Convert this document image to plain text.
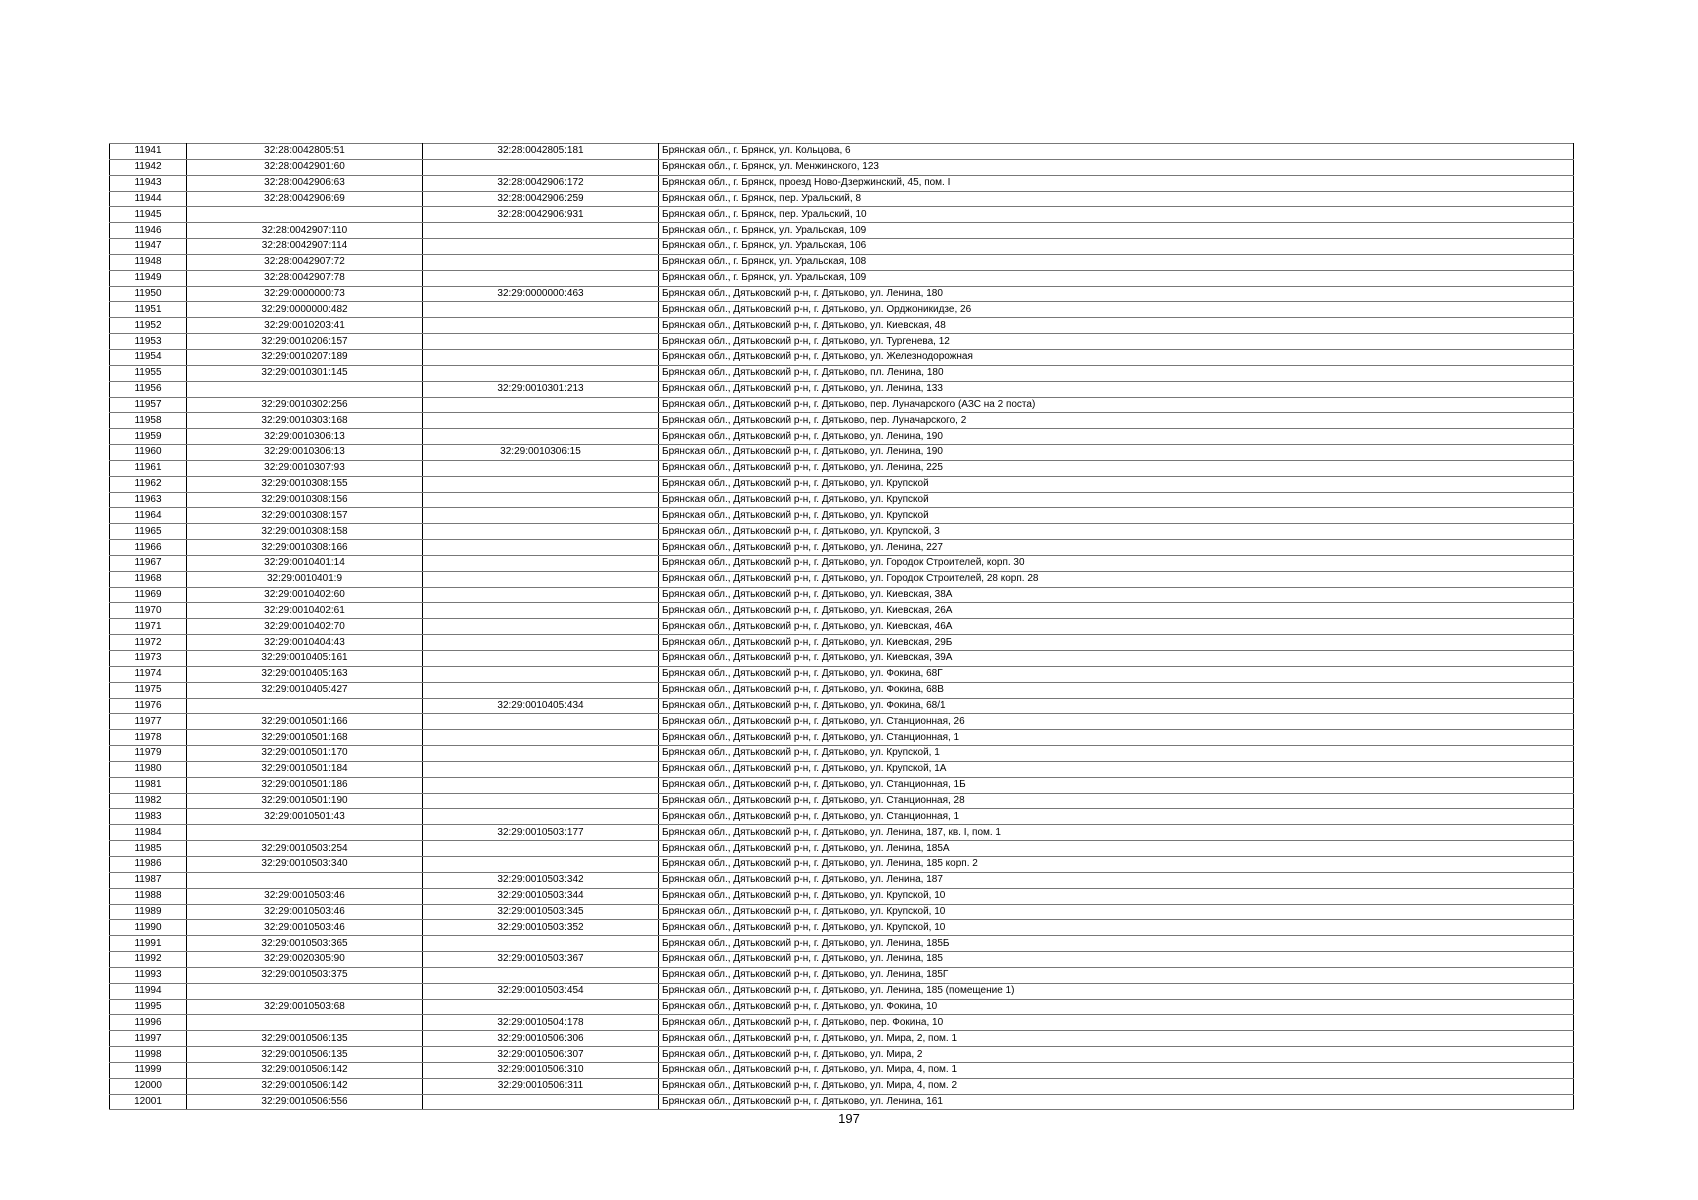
11941	32:28:0042805:51	32:28:0042805:181	Брянская обл., г. Брянск, ул. Кольцова, 6
11942	32:28:0042901:60		Брянская обл., г. Брянск, ул. Менжинского, 123
11943	32:28:0042906:63	32:28:0042906:172	Брянская обл., г. Брянск, проезд Ново-Дзержинский, 45, пом. I
11944	32:28:0042906:69	32:28:0042906:259	Брянская обл., г. Брянск, пер. Уральский, 8
11945		32:28:0042906:931	Брянская обл., г. Брянск, пер. Уральский, 10
11946	32:28:0042907:110		Брянская обл., г. Брянск, ул. Уральская, 109
11947	32:28:0042907:114		Брянская обл., г. Брянск, ул. Уральская, 106
11948	32:28:0042907:72		Брянская обл., г. Брянск, ул. Уральская, 108
11949	32:28:0042907:78		Брянская обл., г. Брянск, ул. Уральская, 109
11950	32:29:0000000:73	32:29:0000000:463	Брянская обл., Дятьковский р-н, г. Дятьково, ул. Ленина, 180
11951	32:29:0000000:482		Брянская обл., Дятьковский р-н, г. Дятьково, ул. Орджоникидзе, 26
11952	32:29:0010203:41		Брянская обл., Дятьковский р-н, г. Дятьково, ул. Киевская, 48
11953	32:29:0010206:157		Брянская обл., Дятьковский р-н, г. Дятьково, ул. Тургенева, 12
11954	32:29:0010207:189		Брянская обл., Дятьковский р-н, г. Дятьково, ул. Железнодорожная
11955	32:29:0010301:145		Брянская обл., Дятьковский р-н, г. Дятьково, пл. Ленина, 180
11956		32:29:0010301:213	Брянская обл., Дятьковский р-н, г. Дятьково, ул. Ленина, 133
11957	32:29:0010302:256		Брянская обл., Дятьковский р-н, г. Дятьково, пер. Луначарского (АЗС на 2 поста)
11958	32:29:0010303:168		Брянская обл., Дятьковский р-н, г. Дятьково, пер. Луначарского, 2
11959	32:29:0010306:13		Брянская обл., Дятьковский р-н, г. Дятьково, ул. Ленина, 190
11960	32:29:0010306:13	32:29:0010306:15	Брянская обл., Дятьковский р-н, г. Дятьково, ул. Ленина, 190
11961	32:29:0010307:93		Брянская обл., Дятьковский р-н, г. Дятьково, ул. Ленина, 225
11962	32:29:0010308:155		Брянская обл., Дятьковский р-н, г. Дятьково, ул. Крупской
11963	32:29:0010308:156		Брянская обл., Дятьковский р-н, г. Дятьково, ул. Крупской
11964	32:29:0010308:157		Брянская обл., Дятьковский р-н, г. Дятьково, ул. Крупской
11965	32:29:0010308:158		Брянская обл., Дятьковский р-н, г. Дятьково, ул. Крупской, 3
11966	32:29:0010308:166		Брянская обл., Дятьковский р-н, г. Дятьково, ул. Ленина, 227
11967	32:29:0010401:14		Брянская обл., Дятьковский р-н, г. Дятьково, ул. Городок Строителей, корп. 30
11968	32:29:0010401:9		Брянская обл., Дятьковский р-н, г. Дятьково, ул. Городок Строителей, 28 корп. 28
11969	32:29:0010402:60		Брянская обл., Дятьковский р-н, г. Дятьково, ул. Киевская, 38А
11970	32:29:0010402:61		Брянская обл., Дятьковский р-н, г. Дятьково, ул. Киевская, 26А
11971	32:29:0010402:70		Брянская обл., Дятьковский р-н, г. Дятьково, ул. Киевская, 46А
11972	32:29:0010404:43		Брянская обл., Дятьковский р-н, г. Дятьково, ул. Киевская, 29Б
11973	32:29:0010405:161		Брянская обл., Дятьковский р-н, г. Дятьково, ул. Киевская, 39А
11974	32:29:0010405:163		Брянская обл., Дятьковский р-н, г. Дятьково, ул. Фокина, 68Г
11975	32:29:0010405:427		Брянская обл., Дятьковский р-н, г. Дятьково, ул. Фокина, 68В
11976		32:29:0010405:434	Брянская обл., Дятьковский р-н, г. Дятьково, ул. Фокина, 68/1
11977	32:29:0010501:166		Брянская обл., Дятьковский р-н, г. Дятьково, ул. Станционная, 26
11978	32:29:0010501:168		Брянская обл., Дятьковский р-н, г. Дятьково, ул. Станционная, 1
11979	32:29:0010501:170		Брянская обл., Дятьковский р-н, г. Дятьково, ул. Крупской, 1
11980	32:29:0010501:184		Брянская обл., Дятьковский р-н, г. Дятьково, ул. Крупской, 1А
11981	32:29:0010501:186		Брянская обл., Дятьковский р-н, г. Дятьково, ул. Станционная, 1Б
11982	32:29:0010501:190		Брянская обл., Дятьковский р-н, г. Дятьково, ул. Станционная, 28
11983	32:29:0010501:43		Брянская обл., Дятьковский р-н, г. Дятьково, ул. Станционная, 1
11984		32:29:0010503:177	Брянская обл., Дятьковский р-н, г. Дятьково, ул. Ленина, 187, кв. I, пом. 1
11985	32:29:0010503:254		Брянская обл., Дятьковский р-н, г. Дятьково, ул. Ленина, 185А
11986	32:29:0010503:340		Брянская обл., Дятьковский р-н, г. Дятьково, ул. Ленина, 185 корп. 2
11987		32:29:0010503:342	Брянская обл., Дятьковский р-н, г. Дятьково, ул. Ленина, 187
11988	32:29:0010503:46	32:29:0010503:344	Брянская обл., Дятьковский р-н, г. Дятьково, ул. Крупской, 10
11989	32:29:0010503:46	32:29:0010503:345	Брянская обл., Дятьковский р-н, г. Дятьково, ул. Крупской, 10
11990	32:29:0010503:46	32:29:0010503:352	Брянская обл., Дятьковский р-н, г. Дятьково, ул. Крупской, 10
11991	32:29:0010503:365		Брянская обл., Дятьковский р-н, г. Дятьково, ул. Ленина, 185Б
11992	32:29:0020305:90	32:29:0010503:367	Брянская обл., Дятьковский р-н, г. Дятьково, ул. Ленина, 185
11993	32:29:0010503:375		Брянская обл., Дятьковский р-н, г. Дятьково, ул. Ленина, 185Г
11994		32:29:0010503:454	Брянская обл., Дятьковский р-н, г. Дятьково, ул. Ленина, 185 (помещение 1)
11995	32:29:0010503:68		Брянская обл., Дятьковский р-н, г. Дятьково, ул. Фокина, 10
11996		32:29:0010504:178	Брянская обл., Дятьковский р-н, г. Дятьково, пер. Фокина, 10
11997	32:29:0010506:135	32:29:0010506:306	Брянская обл., Дятьковский р-н, г. Дятьково, ул. Мира, 2, пом. 1
11998	32:29:0010506:135	32:29:0010506:307	Брянская обл., Дятьковский р-н, г. Дятьково, ул. Мира, 2
11999	32:29:0010506:142	32:29:0010506:310	Брянская обл., Дятьковский р-н, г. Дятьково, ул. Мира, 4, пом. 1
12000	32:29:0010506:142	32:29:0010506:311	Брянская обл., Дятьковский р-н, г. Дятьково, ул. Мира, 4, пом. 2
12001	32:29:0010506:556		Брянская обл., Дятьковский р-н, г. Дятьково, ул. Ленина, 161
197
